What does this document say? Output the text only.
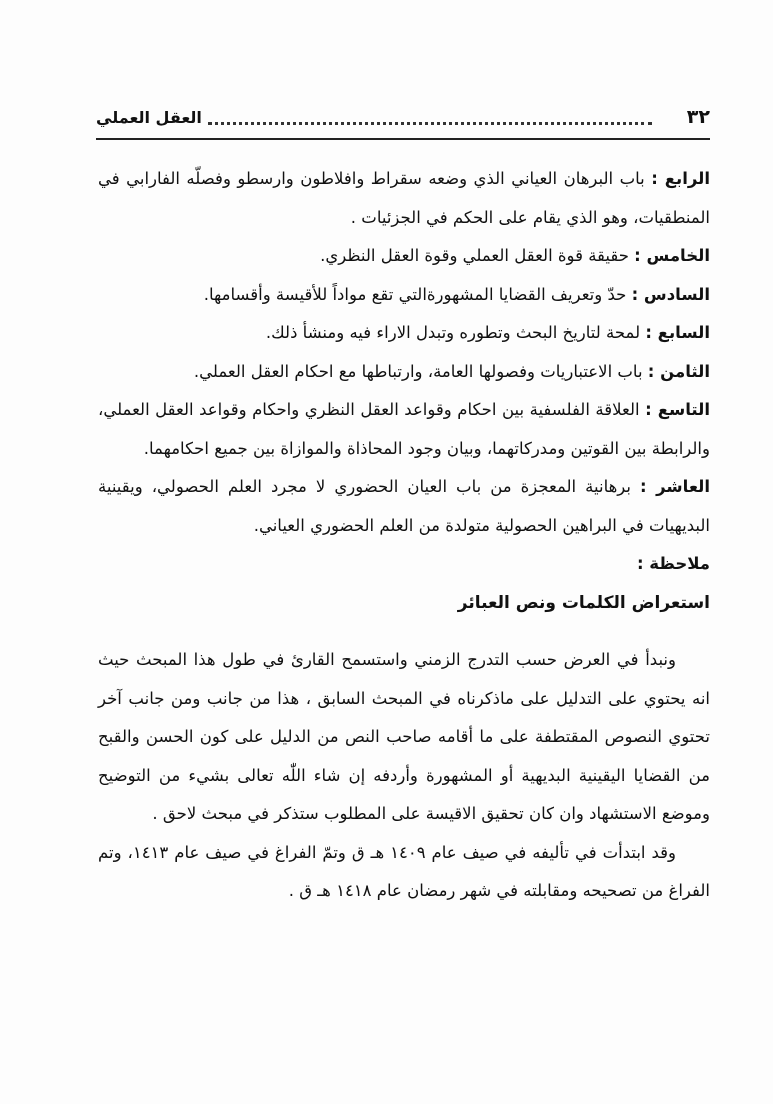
٣٢
العقل العملي

الرابع : باب البرهان العياني الذي وضعه سقراط وافلاطون وارسطو وفصلّه الفارابي في المنطقيات، وهو الذي يقام على الحكم في الجزئيات .

الخامس : حقيقة قوة العقل العملي وقوة العقل النظري.

السادس : حدّ وتعريف القضايا المشهورةالتي تقع مواداً للأقيسة وأقسامها.

السابع : لمحة لتاريخ البحث وتطوره وتبدل الاراء فيه ومنشأ ذلك.

الثامن : باب الاعتباريات وفصولها العامة، وارتباطها مع احكام العقل العملي.

التاسع : العلاقة الفلسفية بين احكام وقواعد العقل النظري واحكام وقواعد العقل العملي، والرابطة بين القوتين ومدركاتهما، وبيان وجود المحاذاة والموازاة بين جميع احكامهما.

العاشر : برهانية المعجزة من باب العيان الحضوري لا مجرد العلم الحصولي، ويقينية البديهيات في البراهين الحصولية متولدة من العلم الحضوري العياني.

ملاحظة :

استعراض الكلمات ونص العبائر

ونبدأ في العرض حسب التدرج الزمني واستسمح القارئ في طول هذا المبحث حيث انه يحتوي على التدليل على ماذكرناه في المبحث السابق ، هذا من جانب ومن جانب آخر تحتوي النصوص المقتطفة على ما أقامه صاحب النص من الدليل على كون الحسن والقبح من القضايا اليقينية البديهية أو المشهورة وأردفه إن شاء اللّٰه تعالى بشيء من التوضيح وموضع الاستشهاد وان كان تحقيق الاقيسة على المطلوب ستذكر في مبحث لاحق .

وقد ابتدأت في تأليفه في صيف عام ١٤٠٩ هـ ق وتمّ الفراغ في صيف عام ١٤١٣، وتم الفراغ من تصحيحه ومقابلته في شهر رمضان عام ١٤١٨ هـ ق .
